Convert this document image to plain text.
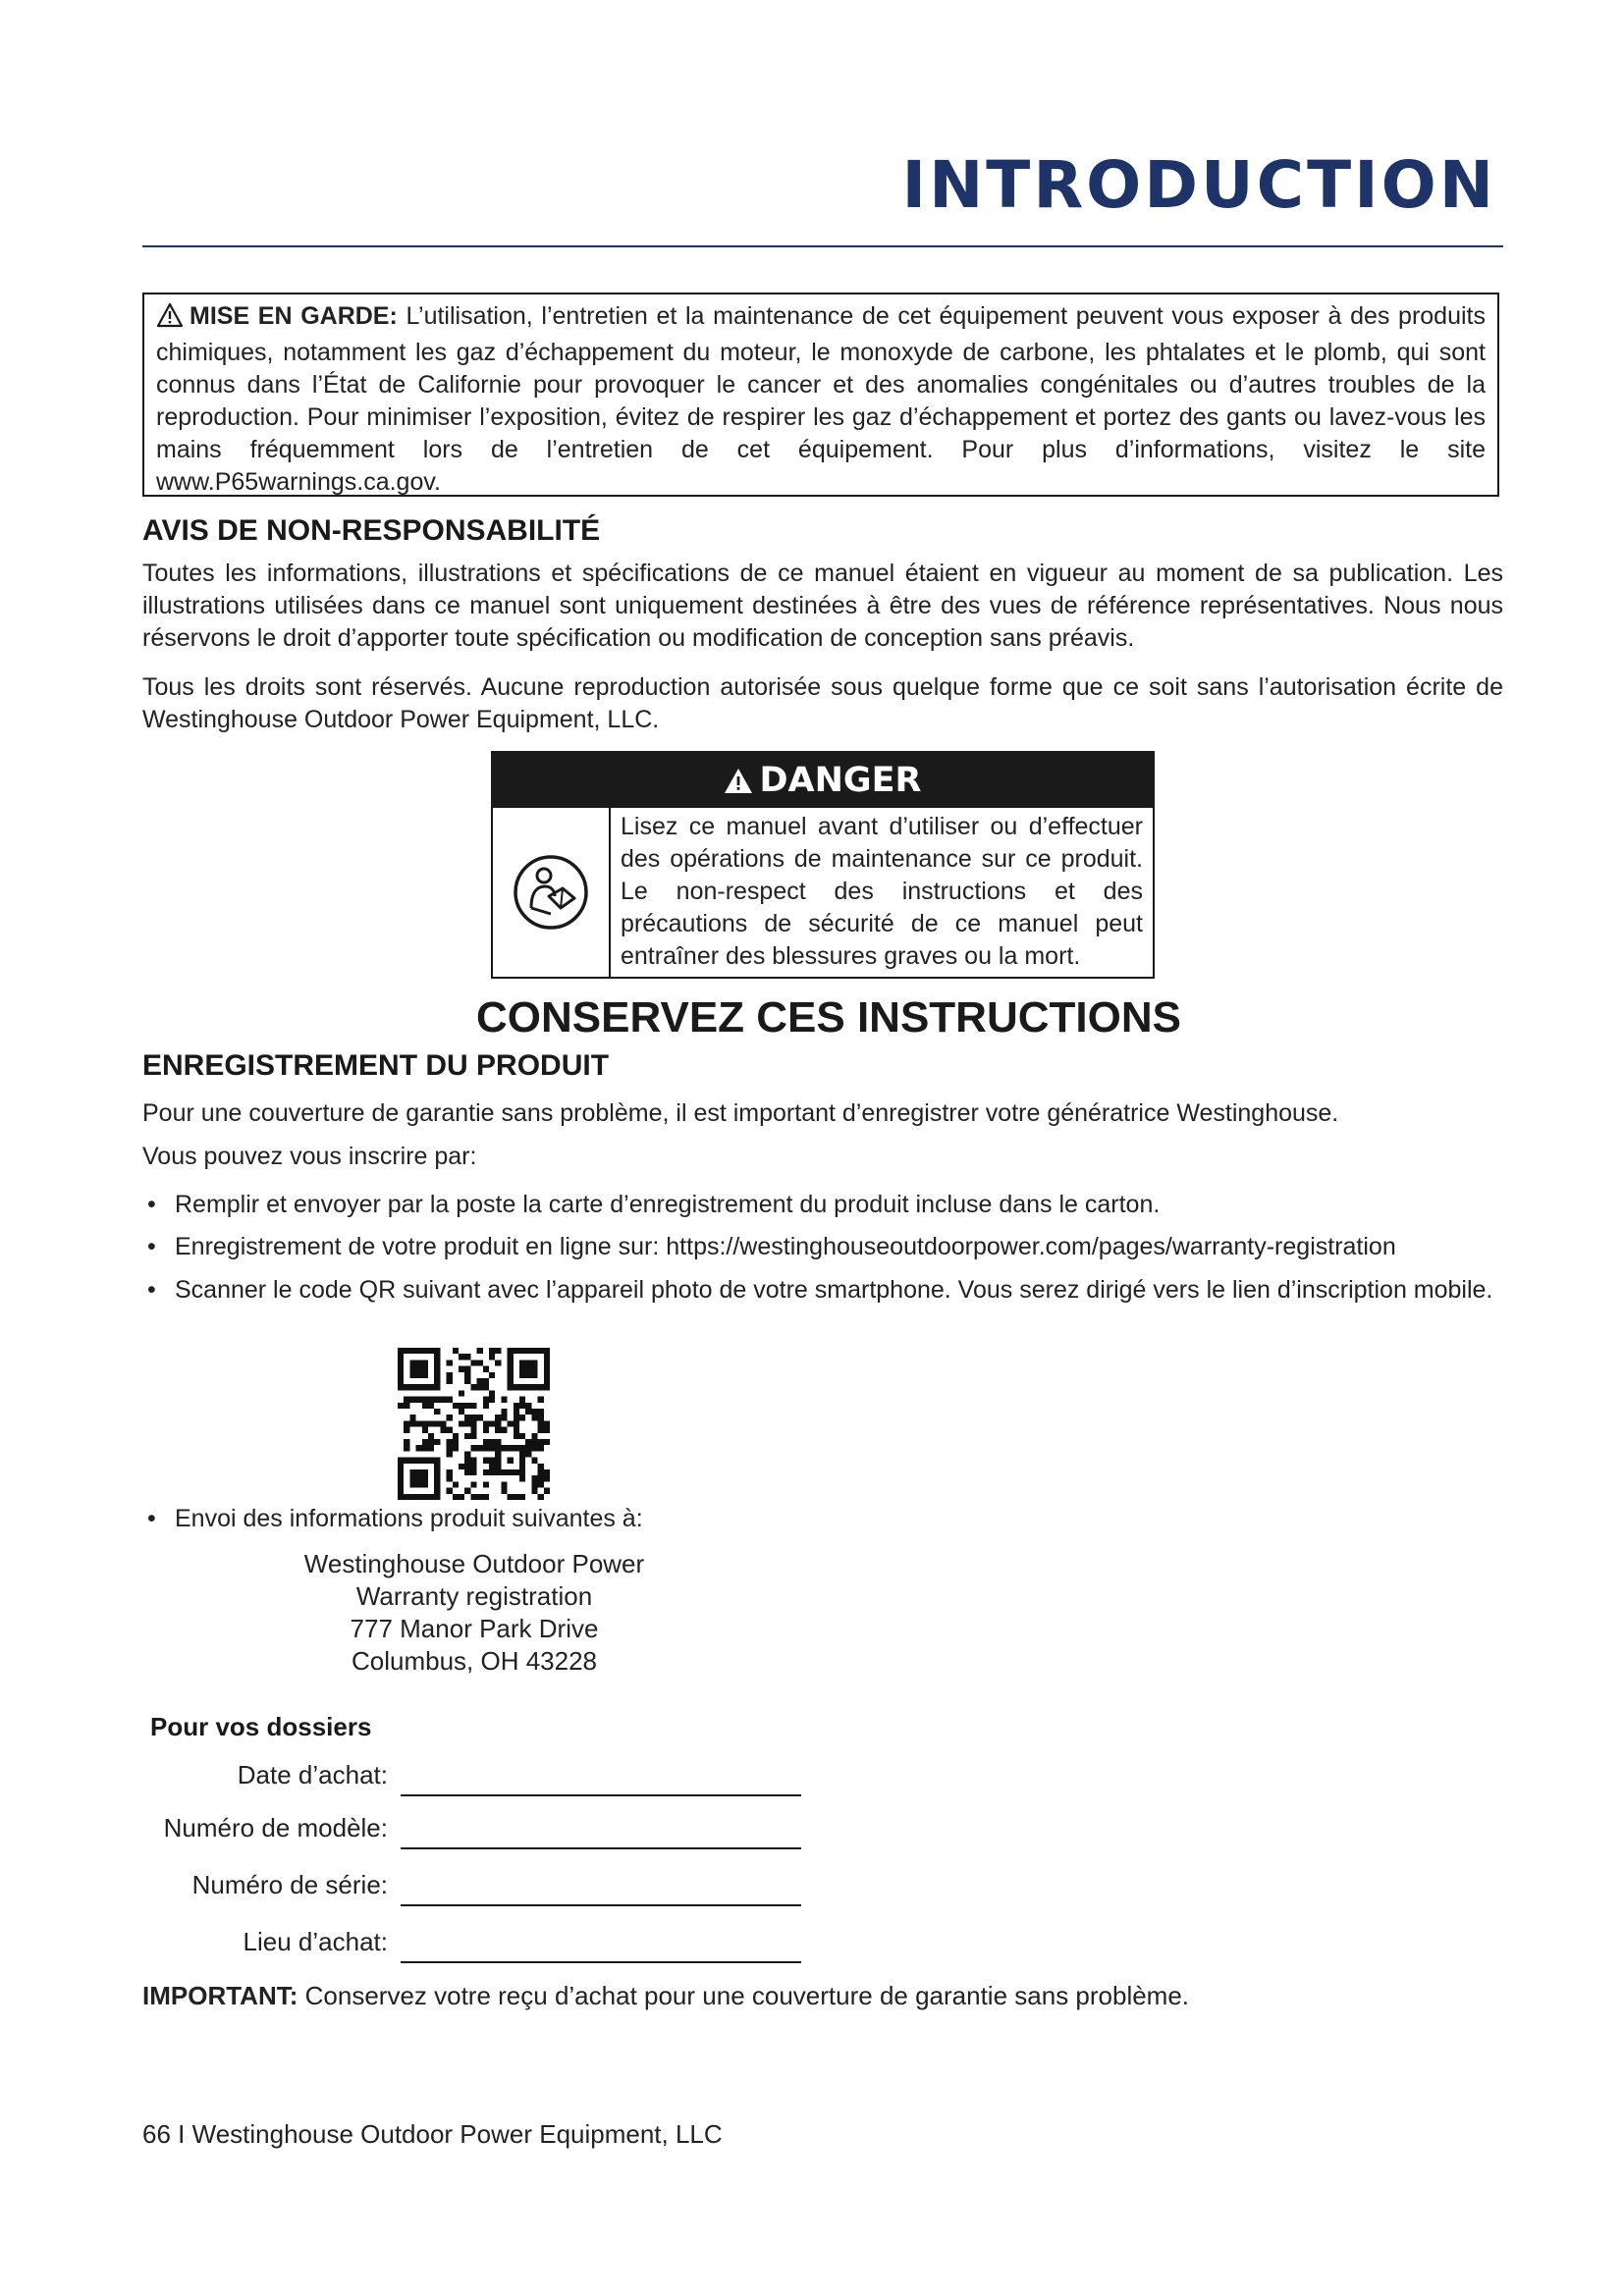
INTRODUCTION
MISE EN GARDE: L’utilisation, l’entretien et la maintenance de cet équipement peuvent vous exposer à des produits chimiques, notamment les gaz d’échappement du moteur, le monoxyde de carbone, les phtalates et le plomb, qui sont connus dans l’État de Californie pour provoquer le cancer et des anomalies congénitales ou d’autres troubles de la reproduction. Pour minimiser l’exposition, évitez de respirer les gaz d’échappement et portez des gants ou lavez-vous les mains fréquemment lors de l’entretien de cet équipement. Pour plus d’informations, visitez le site www.P65warnings.ca.gov.
AVIS DE NON-RESPONSABILITÉ

Toutes les informations, illustrations et spécifications de ce manuel étaient en vigueur au moment de sa publication. Les illustrations utilisées dans ce manuel sont uniquement destinées à être des vues de référence représentatives. Nous nous réservons le droit d’apporter toute spécification ou modification de conception sans préavis.

Tous les droits sont réservés. Aucune reproduction autorisée sous quelque forme que ce soit sans l’autorisation écrite de Westinghouse Outdoor Power Equipment, LLC.

DANGER
Lisez ce manuel avant d’utiliser ou d’effectuer des opérations de maintenance sur ce produit. Le non-respect des instructions et des précautions de sécurité de ce manuel peut entraîner des blessures graves ou la mort.
CONSERVEZ CES INSTRUCTIONS
ENREGISTREMENT DU PRODUIT

Pour une couverture de garantie sans problème, il est important d’enregistrer votre génératrice Westinghouse.

Vous pouvez vous inscrire par:

• Remplir et envoyer par la poste la carte d’enregistrement du produit incluse dans le carton.
• Enregistrement de votre produit en ligne sur: https://westinghouseoutdoorpower.com/pages/warranty-registration
• Scanner le code QR suivant avec l’appareil photo de votre smartphone. Vous serez dirigé vers le lien d’inscription mobile.
• Envoi des informations produit suivantes à:
Westinghouse Outdoor Power
Warranty registration
777 Manor Park Drive
Columbus, OH 43228
Pour vos dossiers
Date d’achat:
Numéro de modèle:
Numéro de série:
Lieu d’achat:
IMPORTANT: Conservez votre reçu d’achat pour une couverture de garantie sans problème.
66 I Westinghouse Outdoor Power Equipment, LLC
